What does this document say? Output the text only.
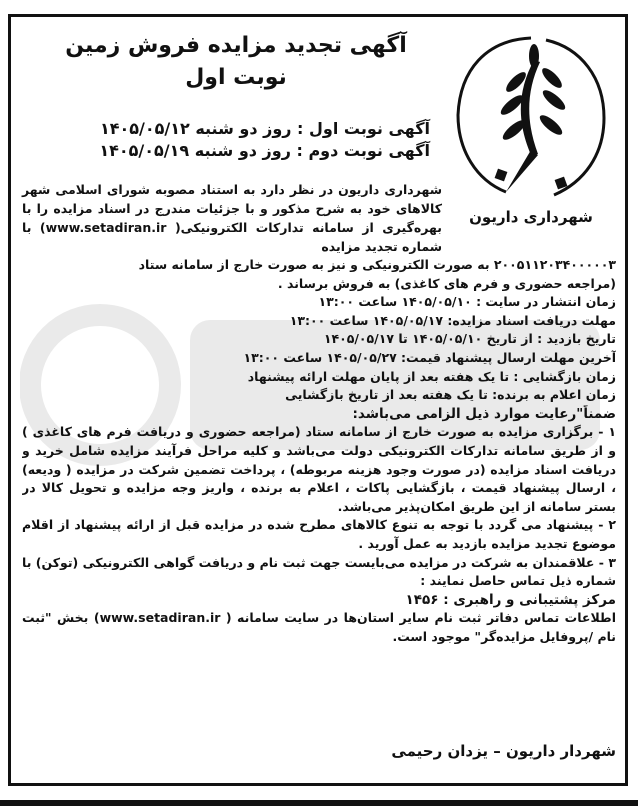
شهرداری داریون
آگهی تجدید مزایده فروش زمین
نوبت اول
آگهی نوبت اول : روز دو شنبه ۱۴۰۵/۰۵/۱۲
آگهی نوبت دوم : روز دو شنبه ۱۴۰۵/۰۵/۱۹
شهرداری داریون در نظر دارد به استناد مصوبه شورای اسلامی شهر کالاهای خود به شرح مذکور و با جزئیات مندرج در اسناد مزایده را با بهره‌گیری از سامانه تدارکات الکترونیکی( www.setadiran.ir) با شماره تجدید مزایده

۲۰۰۵۱۱۲۰۳۴۰۰۰۰۰۳ به صورت الکترونیکی و نیز به صورت خارج از سامانه ستاد

(مراجعه حضوری و فرم های کاغذی) به فروش برساند .

زمان انتشار در سایت : ۱۴۰۵/۰۵/۱۰ ساعت ۱۳:۰۰

مهلت دریافت اسناد مزایده: ۱۴۰۵/۰۵/۱۷ ساعت ۱۳:۰۰

تاریخ بازدید : از تاریخ ۱۴۰۵/۰۵/۱۰ تا ۱۴۰۵/۰۵/۱۷

آخرین مهلت ارسال پیشنهاد قیمت: ۱۴۰۵/۰۵/۲۷ ساعت ۱۳:۰۰

زمان بازگشایی : تا یک هفته بعد از پایان مهلت ارائه پیشنهاد

زمان اعلام به برنده: تا یک هفته بعد از تاریخ بازگشایی

ضمناً"رعایت موارد ذیل الزامی می‌باشد:

۱ - برگزاری مزایده به صورت خارج از سامانه ستاد (مراجعه حضوری و دریافت فرم های کاغذی ) و از طریق سامانه تدارکات الکترونیکی دولت می‌باشد و کلیه مراحل فرآیند مزایده شامل خرید و دریافت اسناد مزایده (در صورت وجود هزینه مربوطه) ، پرداخت تضمین شرکت در مزایده ( ودیعه) ، ارسال پیشنهاد قیمت ، بازگشایی پاکات ، اعلام به برنده ، واریز وجه مزایده و تحویل کالا در بستر سامانه از این طریق امکان‌پذیر می‌باشد.

۲ - پیشنهاد می گردد با توجه به تنوع کالاهای مطرح شده در مزایده قبل از ارائه پیشنهاد از اقلام موضوع تجدید مزایده بازدید به عمل آورید .

۳ - علاقمندان به شرکت در مزایده می‌بایست جهت ثبت نام و دریافت گواهی الکترونیکی (توکن) با شماره ذیل تماس حاصل نمایند :

مرکز پشتیبانی و راهبری : ۱۴۵۶

اطلاعات تماس دفاتر ثبت نام سایر استان‌ها در سایت سامانه ( www.setadiran.ir) بخش "ثبت نام /پروفایل مزایده‌گر" موجود است.

شهردار داریون – یزدان رحیمی
